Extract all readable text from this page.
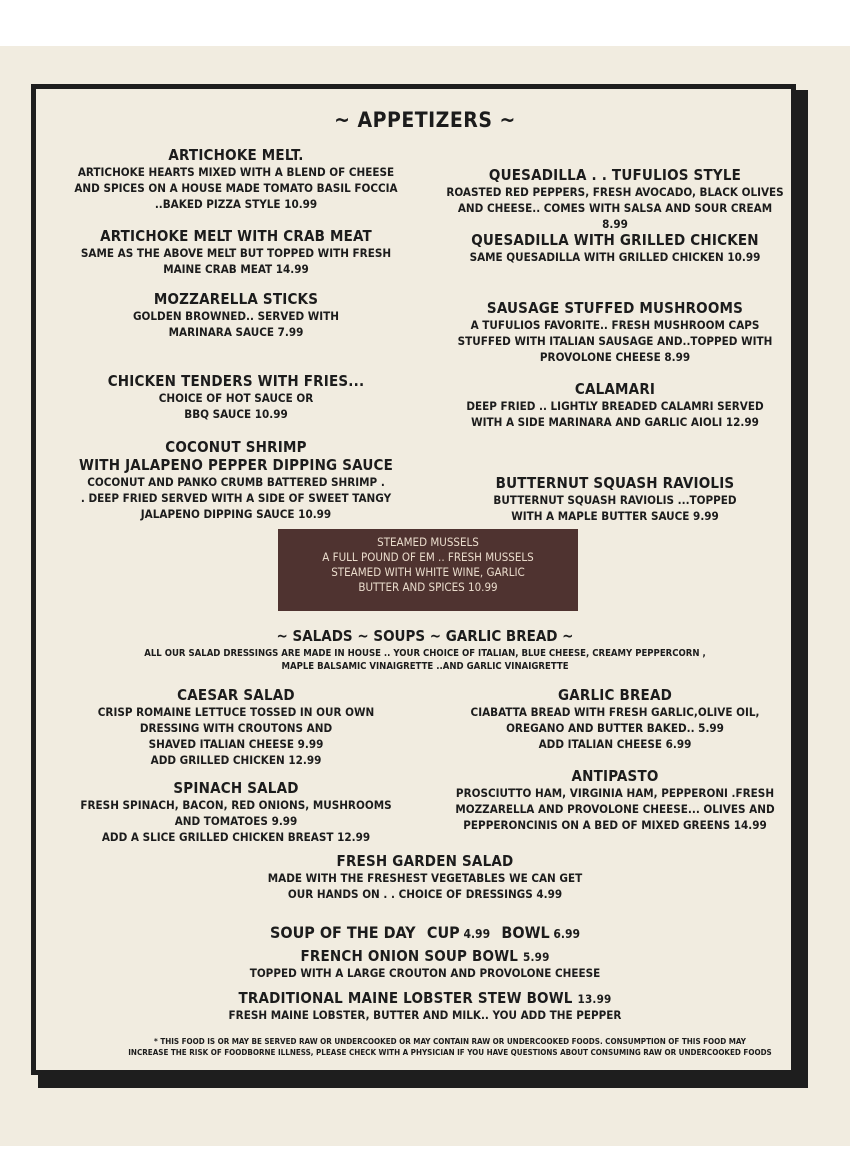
~ APPETIZERS ~
ARTICHOKE MELT.
ARTICHOKE HEARTS MIXED WITH A BLEND OF CHEESE
AND SPICES ON A HOUSE MADE TOMATO BASIL FOCCIA
..BAKED PIZZA STYLE 10.99
ARTICHOKE MELT WITH CRAB MEAT
SAME AS THE ABOVE MELT BUT TOPPED WITH FRESH
MAINE CRAB MEAT 14.99
MOZZARELLA STICKS
GOLDEN BROWNED.. SERVED WITH
MARINARA SAUCE 7.99
CHICKEN TENDERS WITH FRIES...
CHOICE OF HOT SAUCE OR
BBQ SAUCE 10.99
COCONUT SHRIMP
WITH JALAPENO PEPPER DIPPING SAUCE
COCONUT AND PANKO CRUMB BATTERED SHRIMP .
. DEEP FRIED SERVED WITH A SIDE OF SWEET TANGY
JALAPENO DIPPING SAUCE 10.99
QUESADILLA . . TUFULIOS STYLE
ROASTED RED PEPPERS, FRESH AVOCADO, BLACK OLIVES
AND CHEESE.. COMES WITH SALSA AND SOUR CREAM
8.99
QUESADILLA WITH GRILLED CHICKEN
SAME QUESADILLA WITH GRILLED CHICKEN 10.99
SAUSAGE STUFFED MUSHROOMS
A TUFULIOS FAVORITE.. FRESH MUSHROOM CAPS
STUFFED WITH ITALIAN SAUSAGE AND..TOPPED WITH
PROVOLONE CHEESE 8.99
CALAMARI
DEEP FRIED .. LIGHTLY BREADED CALAMRI SERVED
WITH A SIDE MARINARA AND GARLIC AIOLI 12.99
BUTTERNUT SQUASH RAVIOLIS
BUTTERNUT SQUASH RAVIOLIS ...TOPPED
WITH A MAPLE BUTTER SAUCE 9.99
STEAMED MUSSELS
A FULL POUND OF EM .. FRESH MUSSELS
STEAMED WITH WHITE WINE, GARLIC
BUTTER AND SPICES 10.99
~ SALADS ~ SOUPS ~ GARLIC BREAD ~
ALL OUR SALAD DRESSINGS ARE MADE IN HOUSE .. YOUR CHOICE OF ITALIAN, BLUE CHEESE, CREAMY PEPPERCORN ,
MAPLE BALSAMIC VINAIGRETTE ..AND GARLIC VINAIGRETTE
CAESAR SALAD
CRISP ROMAINE LETTUCE TOSSED IN OUR OWN
DRESSING WITH CROUTONS AND
SHAVED ITALIAN CHEESE 9.99
ADD GRILLED CHICKEN 12.99
SPINACH SALAD
FRESH SPINACH, BACON, RED ONIONS, MUSHROOMS
AND TOMATOES 9.99
ADD A SLICE GRILLED CHICKEN BREAST 12.99
GARLIC BREAD
CIABATTA BREAD WITH FRESH GARLIC,OLIVE OIL,
OREGANO AND BUTTER BAKED.. 5.99
ADD ITALIAN CHEESE 6.99
ANTIPASTO
PROSCIUTTO HAM, VIRGINIA HAM, PEPPERONI .FRESH
MOZZARELLA AND PROVOLONE CHEESE... OLIVES AND
PEPPERONCINIS ON A BED OF MIXED GREENS 14.99
FRESH GARDEN SALAD
MADE WITH THE FRESHEST VEGETABLES WE CAN GET
OUR HANDS ON . . CHOICE OF DRESSINGS 4.99
SOUP OF THE DAY CUP 4.99 BOWL 6.99
FRENCH ONION SOUP BOWL 5.99
TOPPED WITH A LARGE CROUTON AND PROVOLONE CHEESE
TRADITIONAL MAINE LOBSTER STEW BOWL 13.99
FRESH MAINE LOBSTER, BUTTER AND MILK.. YOU ADD THE PEPPER
* THIS FOOD IS OR MAY BE SERVED RAW OR UNDERCOOKED OR MAY CONTAIN RAW OR UNDERCOOKED FOODS. CONSUMPTION OF THIS FOOD MAY
INCREASE THE RISK OF FOODBORNE ILLNESS, PLEASE CHECK WITH A PHYSICIAN IF YOU HAVE QUESTIONS ABOUT CONSUMING RAW OR UNDERCOOKED FOODS
